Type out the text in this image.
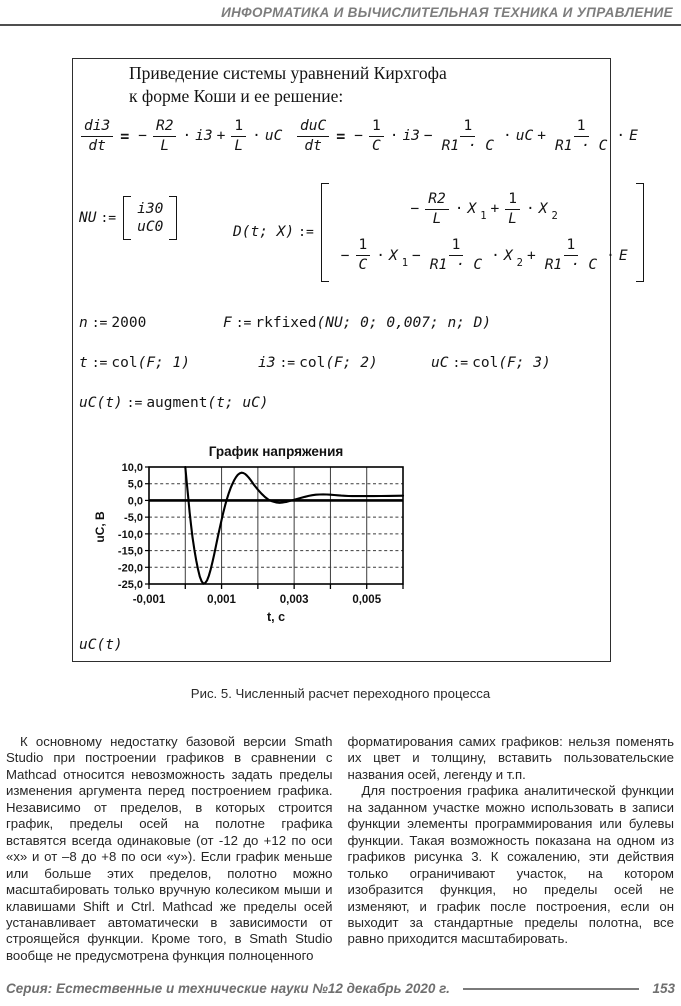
ИНФОРМАТИКА И ВЫЧИСЛИТЕЛЬНАЯ ТЕХНИКА И УПРАВЛЕНИЕ
Приведение системы уравнений Кирхгофа
к форме Коши и ее решение:
$\frac{di3}{dt}$ = − $\frac{R2}{L} \cdot i3 + \frac{1}{L}$ · uC $\frac{\text{duC}}{dt}$ = − $\frac{1}{C} \cdot i3 - \frac{1}{R1 \cdot C}$ · uC + $\frac{1}{R1 \cdot C} \cdot E$
NU :=
i30
uC0	D (t; X) :=
− $\frac{R2}{L} \cdot X$ $1 + \frac{1}{L} \cdot X$ 2
− $\frac{1}{C} \cdot X$ $1 - \frac{1}{R1 \cdot C} \cdot X$ $2 + \frac{1}{R1 \cdot C} \cdot E$
n := 2000	F := rkfixed (NU; 0; 0,007; n; D)
t := col (F; 1)	i3 := col (F; 2)	uC := col (F; 3)
uC(t) := augment (t; uC)
График напряжения
-0,001	0,001	0,003	0,005
10,0
5,0
0,0
-5,0
-10,0
-15,0
-20,0
-25,0
t, c
uC, В
uC(t)
Рис. 5. Численный расчет переходного процесса

К основному недостатку базовой версии Smath Studio при построении графиков в сравнении с Mathcad относится невозможность задать пределы изменения аргумента перед построением графика. Независимо от пределов, в которых строится график, пределы осей на полотне графика вставятся всегда одинаковые (от -12 до +12 по оси «х» и от –8 до +8 по оси «у»). Если график меньше или больше этих пределов, полотно можно масштабировать только вручную колесиком мыши и клавишами Shift и Ctrl. Mathcad же пределы осей устанавливает автоматически в зависимости от строящейся функции. Кроме того, в Smath Studio вообще не предусмотрена функция полноценного

форматирования самих графиков: нельзя поменять их цвет и толщину, вставить пользовательские названия осей, легенду и т.п.

Для построения графика аналитической функции на заданном участке можно использовать в записи функции элементы программирования или булевы функции. Такая возможность показана на одном из графиков рисунка 3. К сожалению, эти действия только ограничивают участок, на котором изобразится функция, но пределы осей не изменяют, и график после построения, если он выходит за стандартные пределы полотна, все равно приходится масштабировать.

Серия: Естественные и технические науки №12 декабрь 2020 г.	153
